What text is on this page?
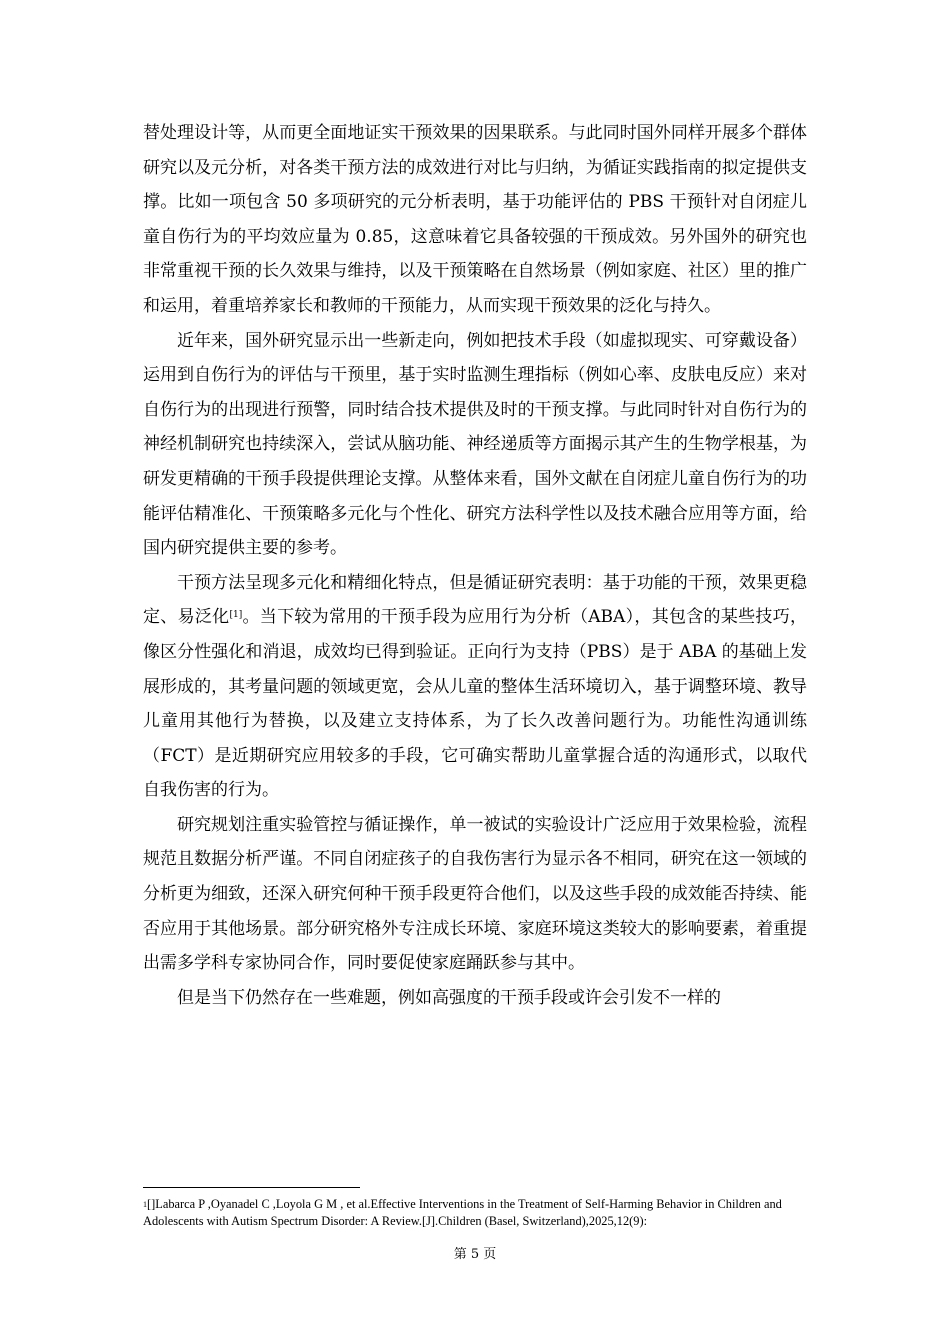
替处理设计等，从而更全面地证实干预效果的因果联系。与此同时国外同样开展多个群体研究以及元分析，对各类干预方法的成效进行对比与归纳，为循证实践指南的拟定提供支撑。比如一项包含 50 多项研究的元分析表明，基于功能评估的 PBS 干预针对自闭症儿童自伤行为的平均效应量为 0.85，这意味着它具备较强的干预成效。另外国外的研究也非常重视干预的长久效果与维持，以及干预策略在自然场景（例如家庭、社区）里的推广和运用，着重培养家长和教师的干预能力，从而实现干预效果的泛化与持久。

近年来，国外研究显示出一些新走向，例如把技术手段（如虚拟现实、可穿戴设备）运用到自伤行为的评估与干预里，基于实时监测生理指标（例如心率、皮肤电反应）来对自伤行为的出现进行预警，同时结合技术提供及时的干预支撑。与此同时针对自伤行为的神经机制研究也持续深入，尝试从脑功能、神经递质等方面揭示其产生的生物学根基，为研发更精确的干预手段提供理论支撑。从整体来看，国外文献在自闭症儿童自伤行为的功能评估精准化、干预策略多元化与个性化、研究方法科学性以及技术融合应用等方面，给国内研究提供主要的参考。

干预方法呈现多元化和精细化特点，但是循证研究表明：基于功能的干预，效果更稳定、易泛化[1]。当下较为常用的干预手段为应用行为分析（ABA），其包含的某些技巧，像区分性强化和消退，成效均已得到验证。正向行为支持（PBS）是于 ABA 的基础上发展形成的，其考量问题的领域更宽，会从儿童的整体生活环境切入，基于调整环境、教导儿童用其他行为替换，以及建立支持体系，为了长久改善问题行为。功能性沟通训练（FCT）是近期研究应用较多的手段，它可确实帮助儿童掌握合适的沟通形式，以取代自我伤害的行为。

研究规划注重实验管控与循证操作，单一被试的实验设计广泛应用于效果检验，流程规范且数据分析严谨。不同自闭症孩子的自我伤害行为显示各不相同，研究在这一领域的分析更为细致，还深入研究何种干预手段更符合他们，以及这些手段的成效能否持续、能否应用于其他场景。部分研究格外专注成长环境、家庭环境这类较大的影响要素，着重提出需多学科专家协同合作，同时要促使家庭踊跃参与其中。

但是当下仍然存在一些难题，例如高强度的干预手段或许会引发不一样的

$^1$[]Labarca P ,Oyanadel C ,Loyola G M , et al.Effective Interventions in the Treatment of Self-Harming Behavior in Children and Adolescents with Autism Spectrum Disorder: A Review.[J].Children (Basel, Switzerland),2025,12(9):
第 5 页
